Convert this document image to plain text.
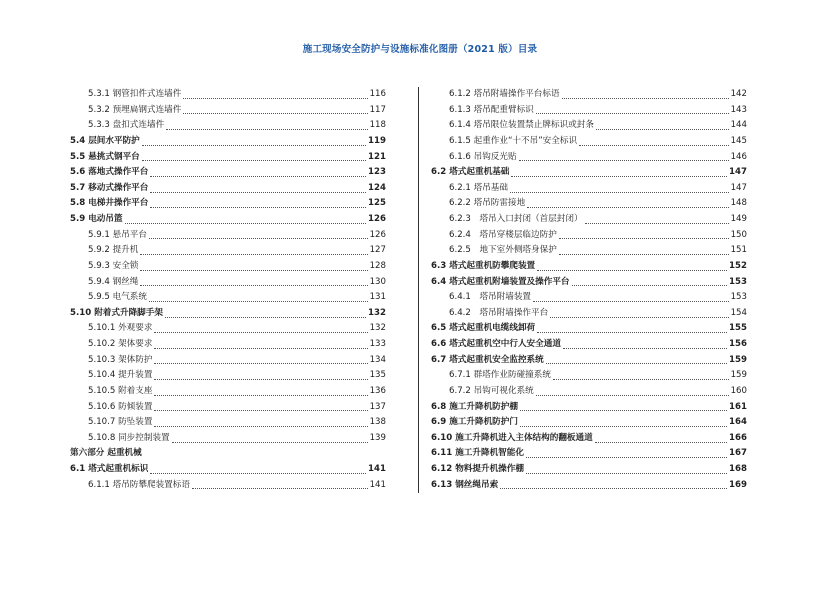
施工现场安全防护与设施标准化图册（2021 版）目录
5.3.1 钢管扣件式连墙件	116
5.3.2 预埋扁钢式连墙件	117
5.3.3 盘扣式连墙件	118
5.4 层间水平防护	119
5.5 悬挑式钢平台	121
5.6 落地式操作平台	123
5.7 移动式操作平台	124
5.8 电梯井操作平台	125
5.9 电动吊篮	126
5.9.1 悬吊平台	126
5.9.2 提升机	127
5.9.3 安全锁	128
5.9.4 钢丝绳	130
5.9.5 电气系统	131
5.10 附着式升降脚手架	132
5.10.1 外观要求	132
5.10.2 架体要求	133
5.10.3 架体防护	134
5.10.4 提升装置	135
5.10.5 附着支座	136
5.10.6 防倾装置	137
5.10.7 防坠装置	138
5.10.8 同步控制装置	139
第六部分 起重机械
6.1 塔式起重机标识	141
6.1.1 塔吊防攀爬装置标语	141
6.1.2 塔吊附墙操作平台标语	142
6.1.3 塔吊配重臂标识	143
6.1.4 塔吊限位装置禁止牌标识或封条	144
6.1.5 起重作业“十不吊”安全标识	145
6.1.6 吊钩反光贴	146
6.2 塔式起重机基础	147
6.2.1 塔吊基础	147
6.2.2 塔吊防雷接地	148
6.2.3　塔吊入口封闭（首层封闭）	149
6.2.4　塔吊穿楼层临边防护	150
6.2.5　地下室外侧塔身保护	151
6.3 塔式起重机防攀爬装置	152
6.4 塔式起重机附墙装置及操作平台	153
6.4.1　塔吊附墙装置	153
6.4.2　塔吊附墙操作平台	154
6.5 塔式起重机电缆线卸荷	155
6.6 塔式起重机空中行人安全通道	156
6.7 塔式起重机安全监控系统	159
6.7.1 群塔作业防碰撞系统	159
6.7.2 吊钩可视化系统	160
6.8 施工升降机防护棚	161
6.9 施工升降机防护门	164
6.10 施工升降机进入主体结构的翻板通道	166
6.11 施工升降机智能化	167
6.12 物料提升机操作棚	168
6.13 钢丝绳吊索	169
